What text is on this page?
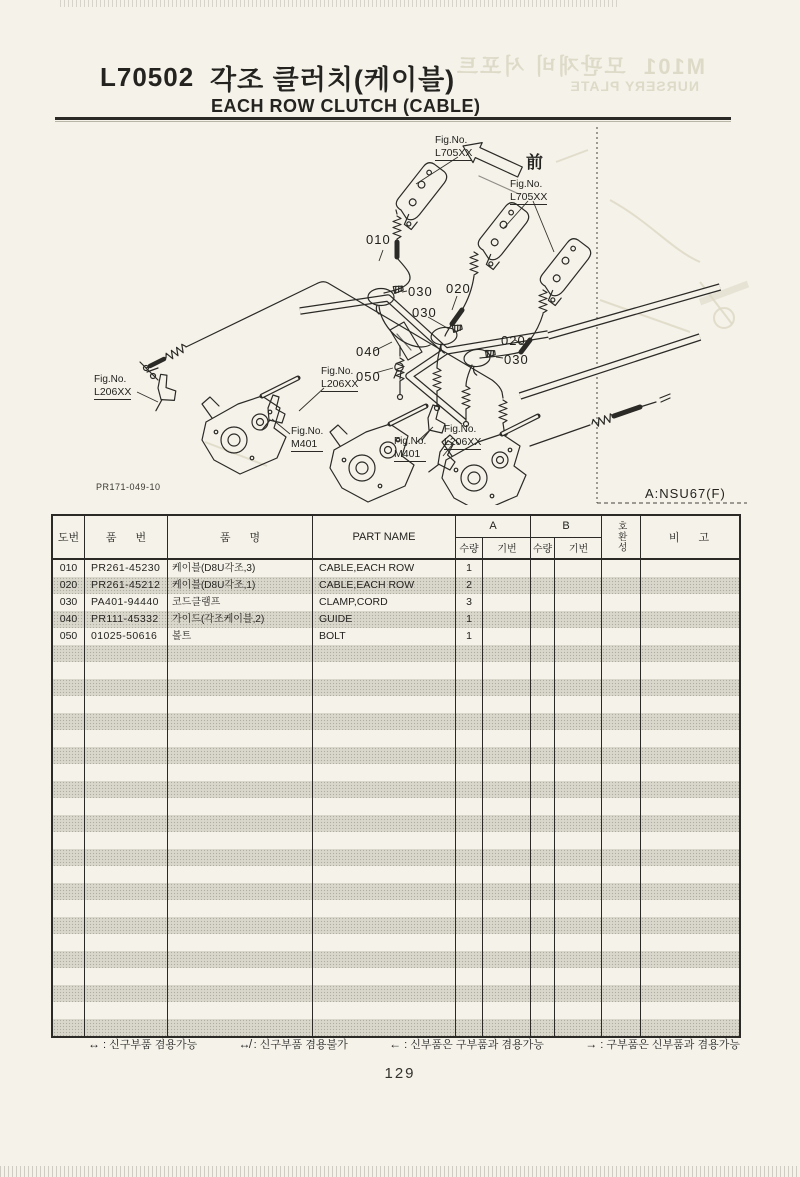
M101  모판재비 서포트
NURSERY PLATE
L70502 각조 클러치(케이블)
EACH ROW CLUTCH (CABLE)
010
030 020
030
040
050
020
030
Fig.No.
L705XX
Fig.No.
L705XX
Fig.No.
L206XX
Fig.No.
L206XX
Fig.No.
M401	Fig.No.
M401
Fig.No.
L206XX
前
PR171-049-10	A:NSU67(F)
도번	품 번	품 명	PART NAME
A
수량	기번
B
수량	기번	호환성	비 고
010	PR261-45230	케이블(D8U각조,3)	CABLE,EACH ROW	1
020	PR261-45212	케이블(D8U각조,1)	CABLE,EACH ROW	2
030	PA401-94440	코드클램프	CLAMP,CORD	3
040	PR111-45332	가이드(각조케이블,2)	GUIDE	1
050	01025-50616	볼트	BOLT	1
↔ : 신구부품 겸용가능	↮ : 신구부품 겸용불가	← : 신부품은 구부품과 겸용가능	→ : 구부품은 신부품과 겸용가능
129
